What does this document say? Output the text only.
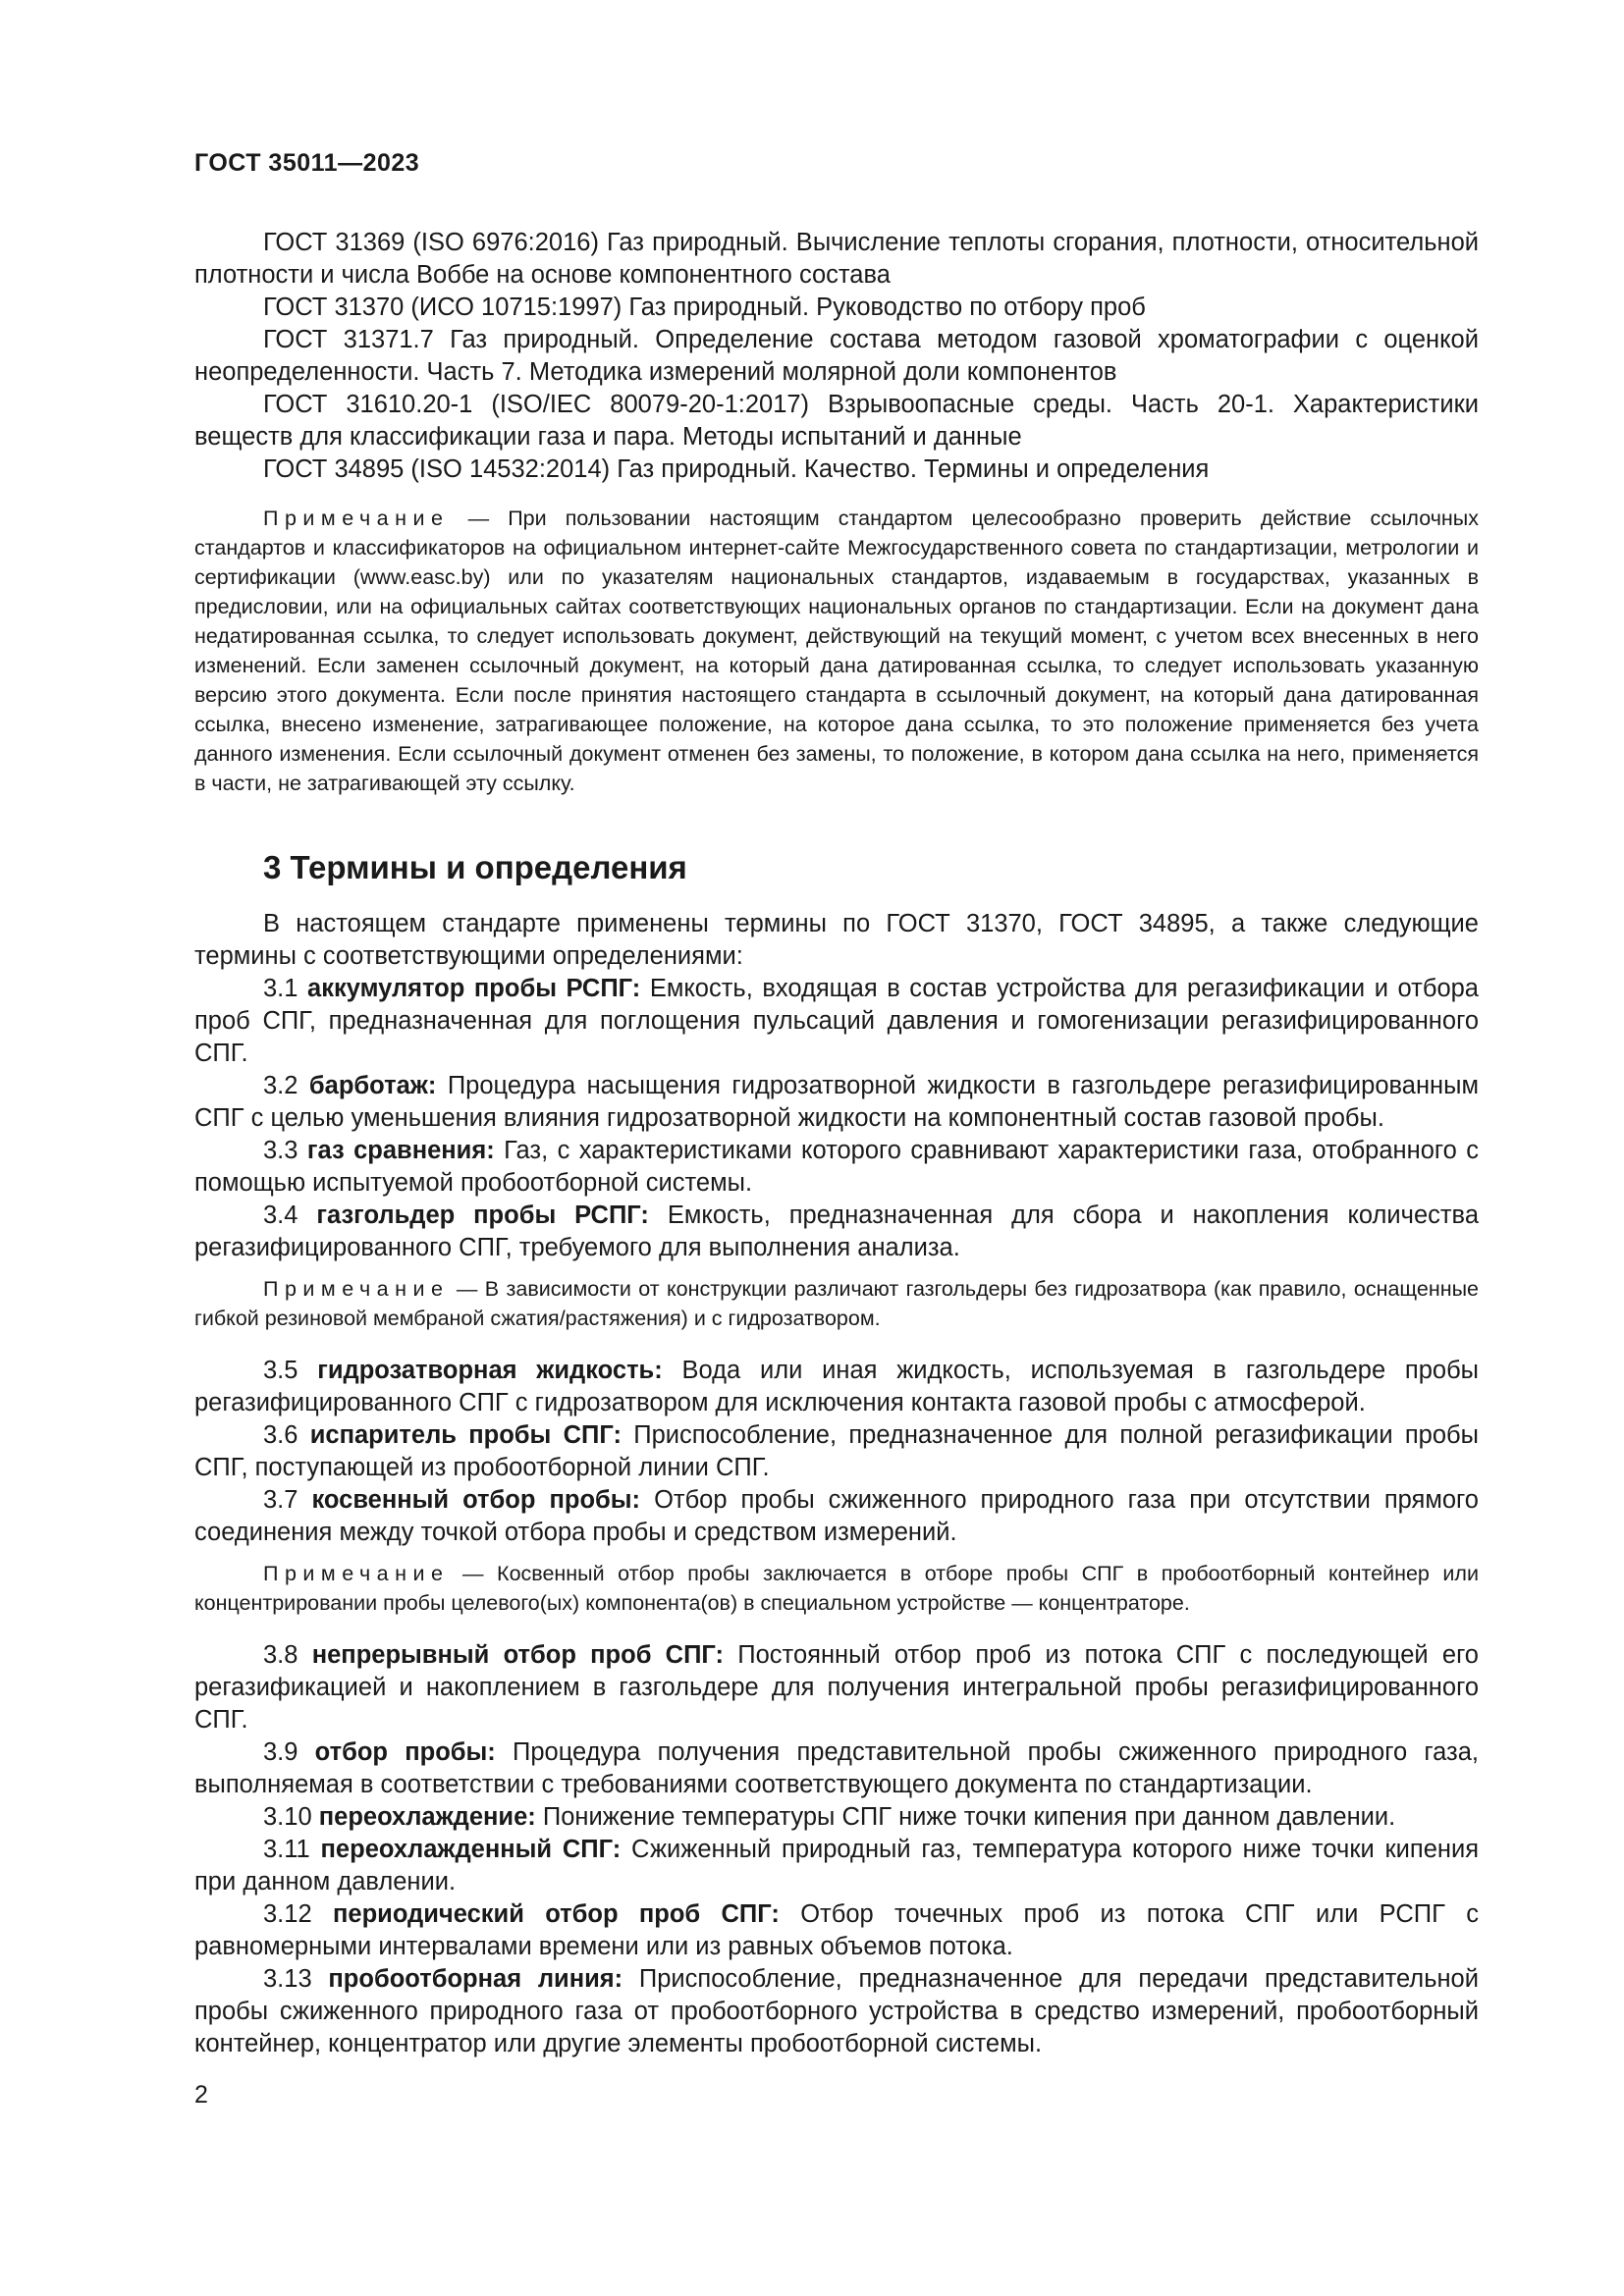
ГОСТ 35011—2023

ГОСТ 31369 (ISO 6976:2016) Газ природный. Вычисление теплоты сгорания, плотности, относительной плотности и числа Воббе на основе компонентного состава

ГОСТ 31370 (ИСО 10715:1997) Газ природный. Руководство по отбору проб

ГОСТ 31371.7 Газ природный. Определение состава методом газовой хроматографии с оценкой неопределенности. Часть 7. Методика измерений молярной доли компонентов

ГОСТ 31610.20-1 (ISO/IEC 80079-20-1:2017) Взрывоопасные среды. Часть 20-1. Характеристики веществ для классификации газа и пара. Методы испытаний и данные

ГОСТ 34895 (ISO 14532:2014) Газ природный. Качество. Термины и определения

Примечание — При пользовании настоящим стандартом целесообразно проверить действие ссылочных стандартов и классификаторов на официальном интернет-сайте Межгосударственного совета по стандартизации, метрологии и сертификации (www.easc.by) или по указателям национальных стандартов, издаваемым в государствах, указанных в предисловии, или на официальных сайтах соответствующих национальных органов по стандартизации. Если на документ дана недатированная ссылка, то следует использовать документ, действующий на текущий момент, с учетом всех внесенных в него изменений. Если заменен ссылочный документ, на который дана датированная ссылка, то следует использовать указанную версию этого документа. Если после принятия настоящего стандарта в ссылочный документ, на который дана датированная ссылка, внесено изменение, затрагивающее положение, на которое дана ссылка, то это положение применяется без учета данного изменения. Если ссылочный документ отменен без замены, то положение, в котором дана ссылка на него, применяется в части, не затрагивающей эту ссылку.

3 Термины и определения

В настоящем стандарте применены термины по ГОСТ 31370, ГОСТ 34895, а также следующие термины с соответствующими определениями:

3.1 аккумулятор пробы РСПГ: Емкость, входящая в состав устройства для регазификации и отбора проб СПГ, предназначенная для поглощения пульсаций давления и гомогенизации регазифицированного СПГ.

3.2 барботаж: Процедура насыщения гидрозатворной жидкости в газгольдере регазифицированным СПГ с целью уменьшения влияния гидрозатворной жидкости на компонентный состав газовой пробы.

3.3 газ сравнения: Газ, с характеристиками которого сравнивают характеристики газа, отобранного с помощью испытуемой пробоотборной системы.

3.4 газгольдер пробы РСПГ: Емкость, предназначенная для сбора и накопления количества регазифицированного СПГ, требуемого для выполнения анализа.

Примечание — В зависимости от конструкции различают газгольдеры без гидрозатвора (как правило, оснащенные гибкой резиновой мембраной сжатия/растяжения) и с гидрозатвором.

3.5 гидрозатворная жидкость: Вода или иная жидкость, используемая в газгольдере пробы регазифицированного СПГ с гидрозатвором для исключения контакта газовой пробы с атмосферой.

3.6 испаритель пробы СПГ: Приспособление, предназначенное для полной регазификации пробы СПГ, поступающей из пробоотборной линии СПГ.

3.7 косвенный отбор пробы: Отбор пробы сжиженного природного газа при отсутствии прямого соединения между точкой отбора пробы и средством измерений.

Примечание — Косвенный отбор пробы заключается в отборе пробы СПГ в пробоотборный контейнер или концентрировании пробы целевого(ых) компонента(ов) в специальном устройстве — концентраторе.

3.8 непрерывный отбор проб СПГ: Постоянный отбор проб из потока СПГ с последующей его регазификацией и накоплением в газгольдере для получения интегральной пробы регазифицированного СПГ.

3.9 отбор пробы: Процедура получения представительной пробы сжиженного природного газа, выполняемая в соответствии с требованиями соответствующего документа по стандартизации.

3.10 переохлаждение: Понижение температуры СПГ ниже точки кипения при данном давлении.

3.11 переохлажденный СПГ: Сжиженный природный газ, температура которого ниже точки кипения при данном давлении.

3.12 периодический отбор проб СПГ: Отбор точечных проб из потока СПГ или РСПГ с равномерными интервалами времени или из равных объемов потока.

3.13 пробоотборная линия: Приспособление, предназначенное для передачи представительной пробы сжиженного природного газа от пробоотборного устройства в средство измерений, пробоотборный контейнер, концентратор или другие элементы пробоотборной системы.

2
